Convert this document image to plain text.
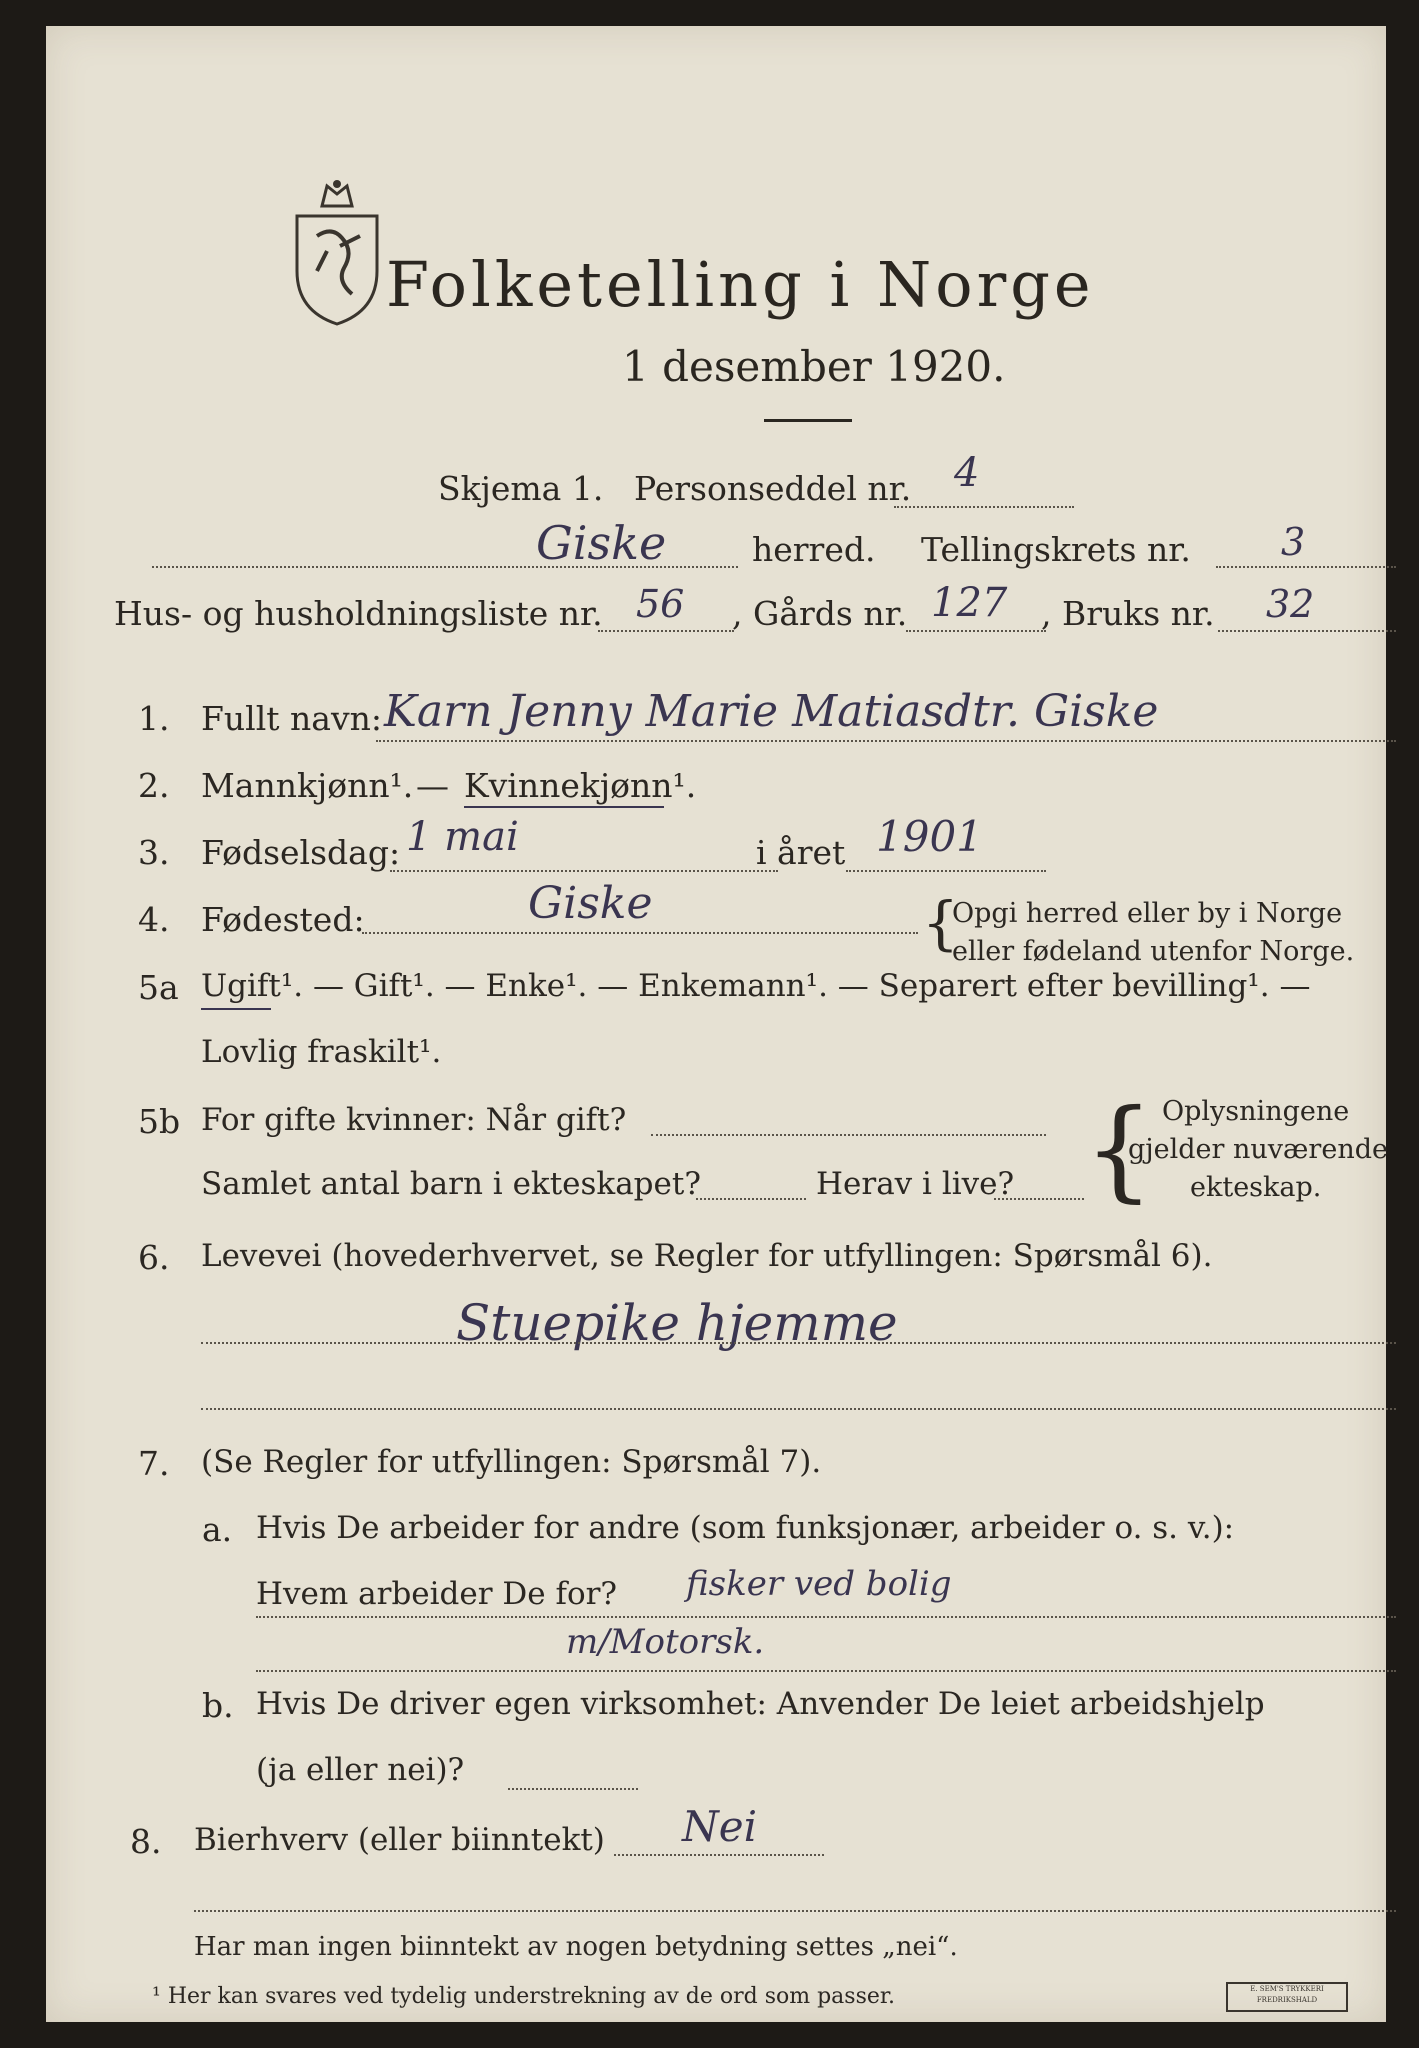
Folketelling i Norge
1 desember 1920.
Skjema 1. Personseddel nr. 4
Giske	herred. Tellingskrets nr. 3
Hus- og husholdningsliste nr. 56 , Gårds nr. 127 , Bruks nr. 32
1. Fullt navn: Karn Jenny Marie Matiasdtr. Giske
2. Mannkjønn¹. — Kvinnekjønn¹.
3. Fødselsdag: 1 mai	i året 1901
4. Fødested:	Giske	{
Opgi herred eller by i Norge
eller fødeland utenfor Norge.
5a Ugift¹. — Gift¹. — Enke¹. — Enkemann¹. — Separert efter bevilling¹. —
Lovlig fraskilt¹.
5b For gifte kvinner: Når gift?
Samlet antal barn i ekteskapet?	Herav i live? { Oplysningene
gjelder nuværende
ekteskap.
6. Levevei (hovederhvervet, se Regler for utfyllingen: Spørsmål 6).
Stuepike hjemme
7. (Se Regler for utfyllingen: Spørsmål 7).
a. Hvis De arbeider for andre (som funksjonær, arbeider o. s. v.):
Hvem arbeider De for? fisker ved bolig
m/Motorsk.
b. Hvis De driver egen virksomhet: Anvender De leiet arbeidshjelp
(ja eller nei)?
8. Bierhverv (eller biinntekt) Nei
Har man ingen biinntekt av nogen betydning settes „nei“.
¹ Her kan svares ved tydelig understrekning av de ord som passer.	E. SEM'S TRYKKERI FREDRIKSHALD
